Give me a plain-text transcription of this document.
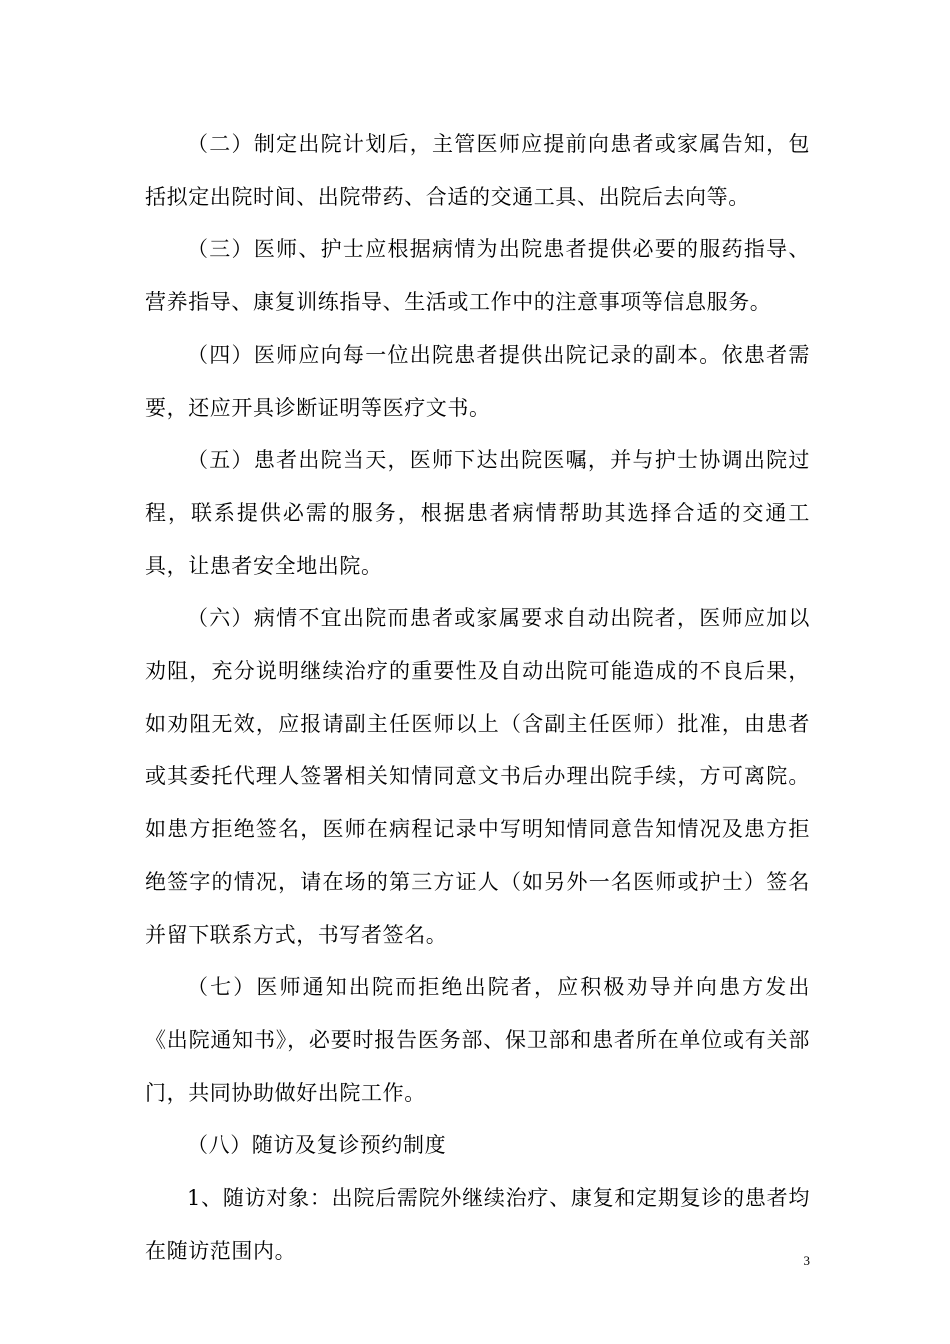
（二）制定出院计划后，主管医师应提前向患者或家属告知，包括拟定出院时间、出院带药、合适的交通工具、出院后去向等。

（三）医师、护士应根据病情为出院患者提供必要的服药指导、营养指导、康复训练指导、生活或工作中的注意事项等信息服务。

（四）医师应向每一位出院患者提供出院记录的副本。依患者需要，还应开具诊断证明等医疗文书。

（五）患者出院当天，医师下达出院医嘱，并与护士协调出院过程，联系提供必需的服务，根据患者病情帮助其选择合适的交通工具，让患者安全地出院。

（六）病情不宜出院而患者或家属要求自动出院者，医师应加以劝阻，充分说明继续治疗的重要性及自动出院可能造成的不良后果，如劝阻无效，应报请副主任医师以上（含副主任医师）批准，由患者或其委托代理人签署相关知情同意文书后办理出院手续，方可离院。如患方拒绝签名，医师在病程记录中写明知情同意告知情况及患方拒绝签字的情况，请在场的第三方证人（如另外一名医师或护士）签名并留下联系方式，书写者签名。

（七）医师通知出院而拒绝出院者，应积极劝导并向患方发出《出院通知书》，必要时报告医务部、保卫部和患者所在单位或有关部门，共同协助做好出院工作。

（八）随访及复诊预约制度

1、随访对象：出院后需院外继续治疗、康复和定期复诊的患者均在随访范围内。	3
